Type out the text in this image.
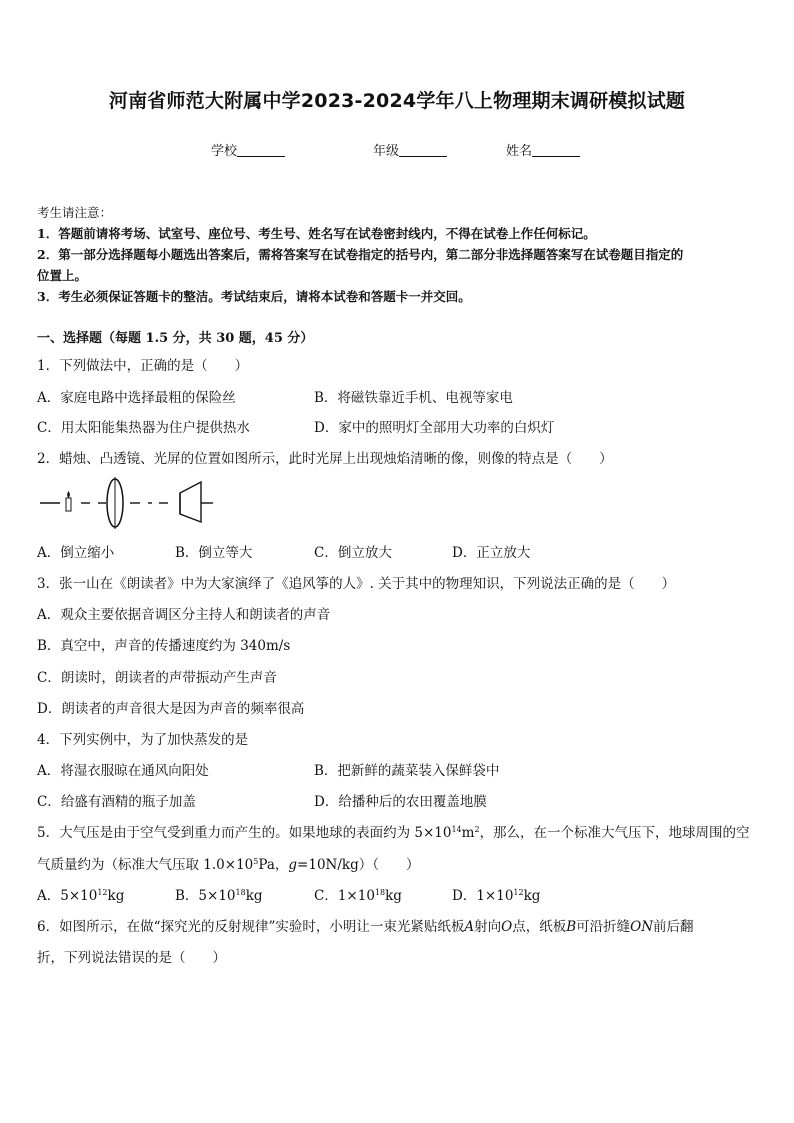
河南省师范大附属中学2023-2024学年八上物理期末调研模拟试题
学校	年级	姓名
考生请注意：
1．答题前请将考场、试室号、座位号、考生号、姓名写在试卷密封线内，不得在试卷上作任何标记。
2．第一部分选择题每小题选出答案后，需将答案写在试卷指定的括号内，第二部分非选择题答案写在试卷题目指定的
位置上。
3．考生必须保证答题卡的整洁。考试结束后，请将本试卷和答题卡一并交回。
一、选择题（每题 1.5 分，共 30 题，45 分）
1．下列做法中，正确的是（　　）
A．家庭电路中选择最粗的保险丝	B．将磁铁靠近手机、电视等家电
C．用太阳能集热器为住户提供热水	D．家中的照明灯全部用大功率的白炽灯
2．蜡烛、凸透镜、光屏的位置如图所示，此时光屏上出现烛焰清晰的像，则像的特点是（　　）
A．倒立缩小	B．倒立等大	C．倒立放大	D．正立放大
3．张一山在《朗读者》中为大家演绎了《追风筝的人》. 关于其中的物理知识，下列说法正确的是（　　）
A．观众主要依据音调区分主持人和朗读者的声音
B．真空中，声音的传播速度约为 340m/s
C．朗读时，朗读者的声带振动产生声音
D．朗读者的声音很大是因为声音的频率很高
4．下列实例中，为了加快蒸发的是
A．将湿衣服晾在通风向阳处	B．把新鲜的蔬菜装入保鲜袋中
C．给盛有酒精的瓶子加盖	D．给播种后的农田覆盖地膜
5．大气压是由于空气受到重力而产生的。如果地球的表面约为 $5\times 10^{14}m^2$，那么，在一个标准大气压下，地球周围的空
气质量约为（标准大气压取 $1.0\times 10^5Pa$，g=10N/kg）（　　）
A．$5\times 10^{12}kg$	B．$5\times 10^{18}kg$	C．$1\times 10^{18}kg$	D．$1\times 10^{12}kg$
6．如图所示，在做“探究光的反射规律”实验时，小明让一束光紧贴纸板A射向O点，纸板B可沿折缝ON前后翻
折，下列说法错误的是（　　）
